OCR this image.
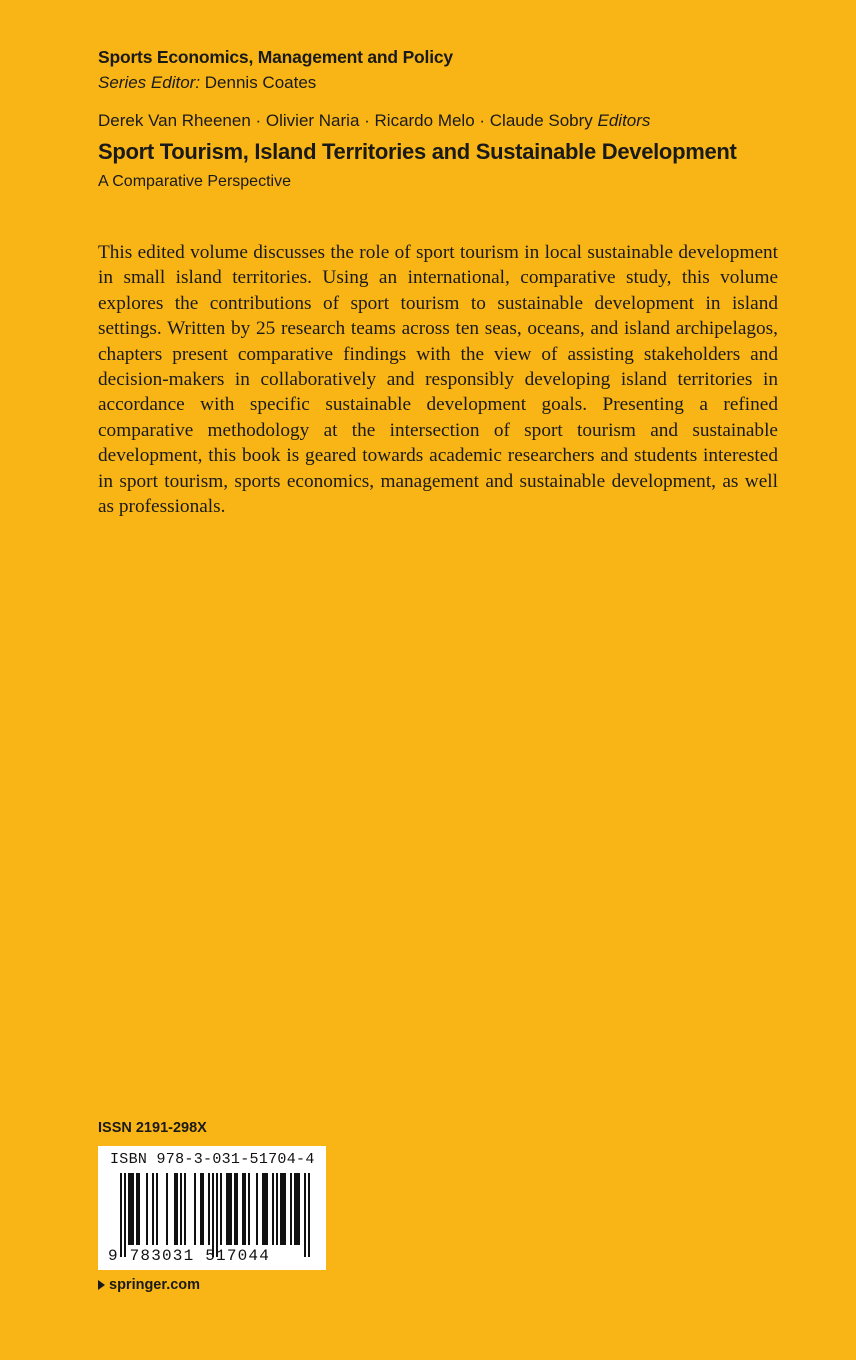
Sports Economics, Management and Policy
Series Editor: Dennis Coates
Derek Van Rheenen · Olivier Naria · Ricardo Melo · Claude Sobry Editors
Sport Tourism, Island Territories and Sustainable Development
A Comparative Perspective

This edited volume discusses the role of sport tourism in local sustainable development in small island territories. Using an international, comparative study, this volume explores the contributions of sport tourism to sustainable development in island settings. Written by 25 research teams across ten seas, oceans, and island archipelagos, chapters present comparative findings with the view of assisting stakeholders and decision-makers in collaboratively and responsibly developing island territories in accordance with specific sustainable development goals. Presenting a refined comparative methodology at the intersection of sport tourism and sustainable development, this book is geared towards academic researchers and students interested in sport tourism, sports economics, management and sustainable development, as well as professionals.

ISSN 2191-298X
ISBN 978-3-031-51704-4
9 783031 517044
springer.com
